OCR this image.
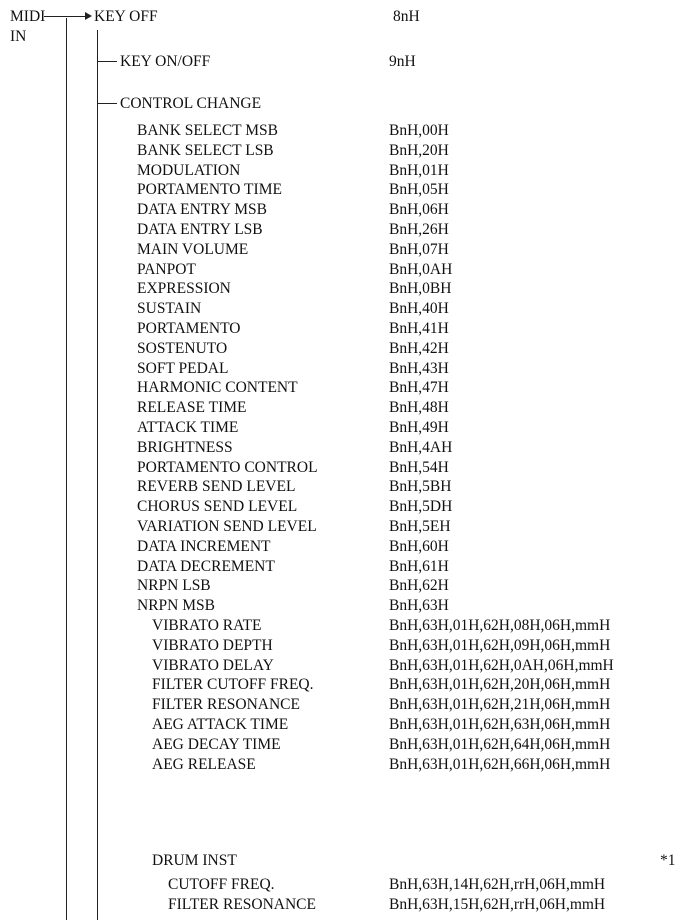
MIDI
IN
KEY OFF	8nH
KEY ON/OFF	9nH
CONTROL CHANGE
BANK SELECT MSB	BnH,00H
BANK SELECT LSB	BnH,20H
MODULATION	BnH,01H
PORTAMENTO TIME	BnH,05H
DATA ENTRY MSB	BnH,06H
DATA ENTRY LSB	BnH,26H
MAIN VOLUME	BnH,07H
PANPOT	BnH,0AH
EXPRESSION	BnH,0BH
SUSTAIN	BnH,40H
PORTAMENTO	BnH,41H
SOSTENUTO	BnH,42H
SOFT PEDAL	BnH,43H
HARMONIC CONTENT	BnH,47H
RELEASE TIME	BnH,48H
ATTACK TIME	BnH,49H
BRIGHTNESS	BnH,4AH
PORTAMENTO CONTROL	BnH,54H
REVERB SEND LEVEL	BnH,5BH
CHORUS SEND LEVEL	BnH,5DH
VARIATION SEND LEVEL	BnH,5EH
DATA INCREMENT	BnH,60H
DATA DECREMENT	BnH,61H
NRPN LSB	BnH,62H
NRPN MSB	BnH,63H
VIBRATO RATE	BnH,63H,01H,62H,08H,06H,mmH
VIBRATO DEPTH	BnH,63H,01H,62H,09H,06H,mmH
VIBRATO DELAY	BnH,63H,01H,62H,0AH,06H,mmH
FILTER CUTOFF FREQ.	BnH,63H,01H,62H,20H,06H,mmH
FILTER RESONANCE	BnH,63H,01H,62H,21H,06H,mmH
AEG ATTACK TIME	BnH,63H,01H,62H,63H,06H,mmH
AEG DECAY TIME	BnH,63H,01H,62H,64H,06H,mmH
AEG RELEASE	BnH,63H,01H,62H,66H,06H,mmH
DRUM INST	*1
CUTOFF FREQ.	BnH,63H,14H,62H,rrH,06H,mmH
FILTER RESONANCE	BnH,63H,15H,62H,rrH,06H,mmH
